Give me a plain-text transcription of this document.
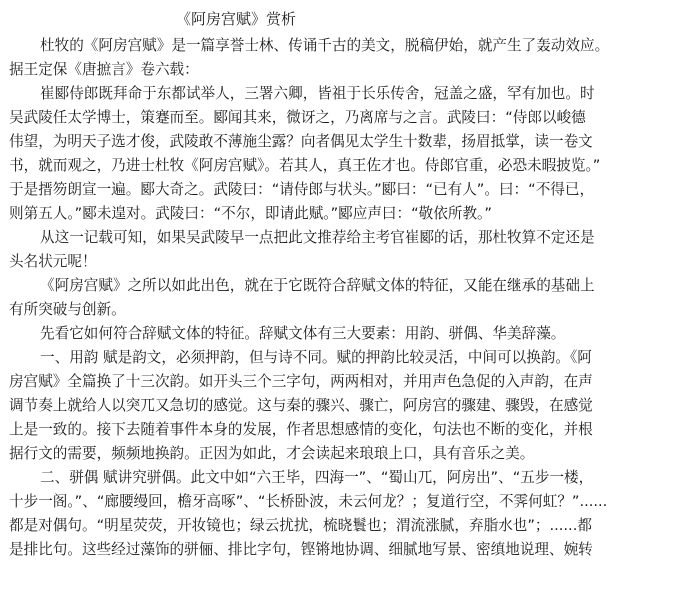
《阿房宫赋》赏析
杜牧的《阿房宫赋》是一篇享誉士林、传诵千古的美文，脱稿伊始，就产生了轰动效应。
据王定保《唐摭言》卷六载：
崔郾侍郎既拜命于东都试举人，三署六卿，皆祖于长乐传舍，冠盖之盛，罕有加也。时
吴武陵任太学博士，策蹇而至。郾闻其来，微讶之，乃离席与之言。武陵曰：“侍郎以峻德
伟望，为明天子选才俊，武陵敢不薄施尘露？向者偶见太学生十数辈，扬眉抵掌，读一卷文
书，就而观之，乃进士杜牧《阿房宫赋》。若其人，真王佐才也。侍郎官重，必恐未暇披览。”
于是搢笏朗宣一遍。郾大奇之。武陵曰：“请侍郎与状头。”郾曰：“已有人”。曰：“不得已，
则第五人。”郾未遑对。武陵曰：“不尔，即请此赋。”郾应声曰：“敬依所教。”
从这一记载可知，如果吴武陵早一点把此文推荐给主考官崔郾的话，那杜牧算不定还是
头名状元呢！
《阿房宫赋》之所以如此出色，就在于它既符合辞赋文体的特征，又能在继承的基础上
有所突破与创新。
先看它如何符合辞赋文体的特征。辞赋文体有三大要素：用韵、骈偶、华美辞藻。
一、用韵 赋是韵文，必须押韵，但与诗不同。赋的押韵比较灵活，中间可以换韵。《阿
房宫赋》全篇换了十三次韵。如开头三个三字句，两两相对，并用声色急促的入声韵，在声
调节奏上就给人以突兀又急切的感觉。这与秦的骤兴、骤亡，阿房宫的骤建、骤毁，在感觉
上是一致的。接下去随着事件本身的发展，作者思想感情的变化，句法也不断的变化，并根
据行文的需要，频频地换韵。正因为如此，才会读起来琅琅上口，具有音乐之美。
二、骈偶 赋讲究骈偶。此文中如“六王毕，四海一”、“蜀山兀，阿房出”、“五步一楼，
十步一阁。”、“廊腰缦回，檐牙高啄”、“长桥卧波，未云何龙？；复道行空，不霁何虹？”......
都是对偶句。“明星荧荧，开妆镜也；绿云扰扰，梳晓鬟也；渭流涨腻，弃脂水也”；......都
是排比句。这些经过藻饰的骈俪、排比字句，铿锵地协调、细腻地写景、密缜地说理、婉转
